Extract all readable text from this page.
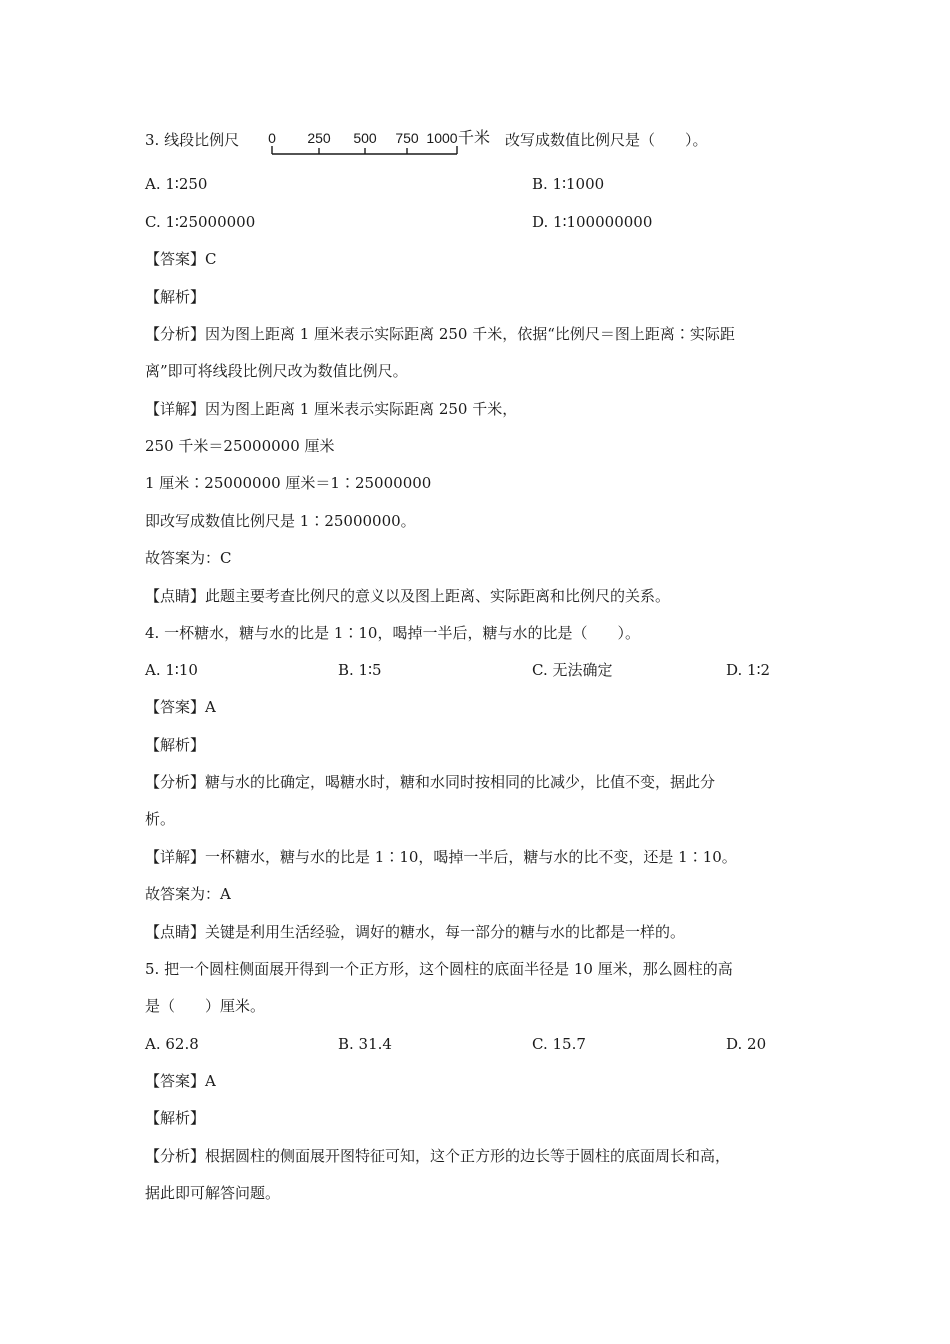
3. 线段比例尺 0 250 500 750 1000 千米 改写成数值比例尺是（　　）。
A. 1∶250	B. 1∶1000
C. 1∶25000000	D. 1∶100000000
【答案】C
【解析】
【分析】因为图上距离 1 厘米表示实际距离 250 千米，依据“比例尺＝图上距离∶实际距
离”即可将线段比例尺改为数值比例尺。
【详解】因为图上距离 1 厘米表示实际距离 250 千米，
250 千米＝25000000 厘米
1 厘米∶25000000 厘米＝1∶25000000
即改写成数值比例尺是 1∶25000000。
故答案为：C
【点睛】此题主要考查比例尺的意义以及图上距离、实际距离和比例尺的关系。
4. 一杯糖水，糖与水的比是 1∶10，喝掉一半后，糖与水的比是（　　）。
A. 1∶10	B. 1∶5	C. 无法确定	D. 1∶2
【答案】A
【解析】
【分析】糖与水的比确定，喝糖水时，糖和水同时按相同的比减少，比值不变，据此分
析。
【详解】一杯糖水，糖与水的比是 1∶10，喝掉一半后，糖与水的比不变，还是 1∶10。
故答案为：A
【点睛】关键是利用生活经验，调好的糖水，每一部分的糖与水的比都是一样的。
5. 把一个圆柱侧面展开得到一个正方形，这个圆柱的底面半径是 10 厘米，那么圆柱的高
是（　　）厘米。
A. 62.8	B. 31.4	C. 15.7	D. 20
【答案】A
【解析】
【分析】根据圆柱的侧面展开图特征可知，这个正方形的边长等于圆柱的底面周长和高，
据此即可解答问题。
